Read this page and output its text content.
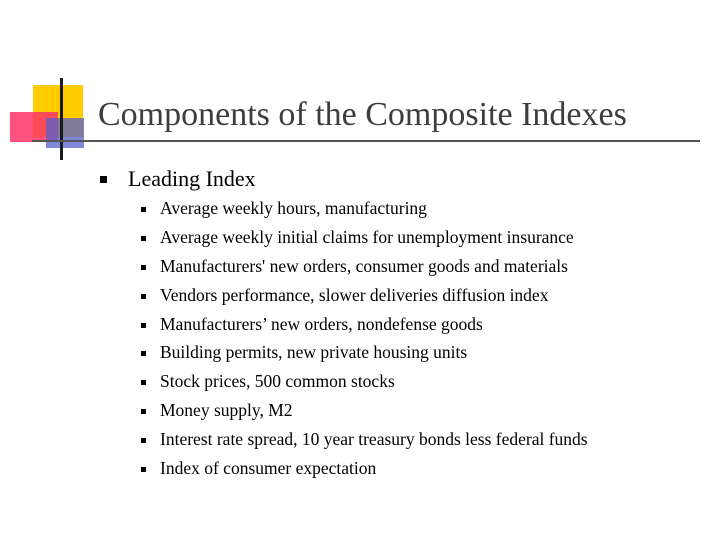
Components of the Composite Indexes
Leading Index
Average weekly hours, manufacturing
Average weekly initial claims for unemployment insurance
Manufacturers' new orders, consumer goods and materials
Vendors performance, slower deliveries diffusion index
Manufacturers’ new orders, nondefense goods
Building permits, new private housing units
Stock prices, 500 common stocks
Money supply, M2
Interest rate spread, 10 year treasury bonds less federal funds
Index of consumer expectation
